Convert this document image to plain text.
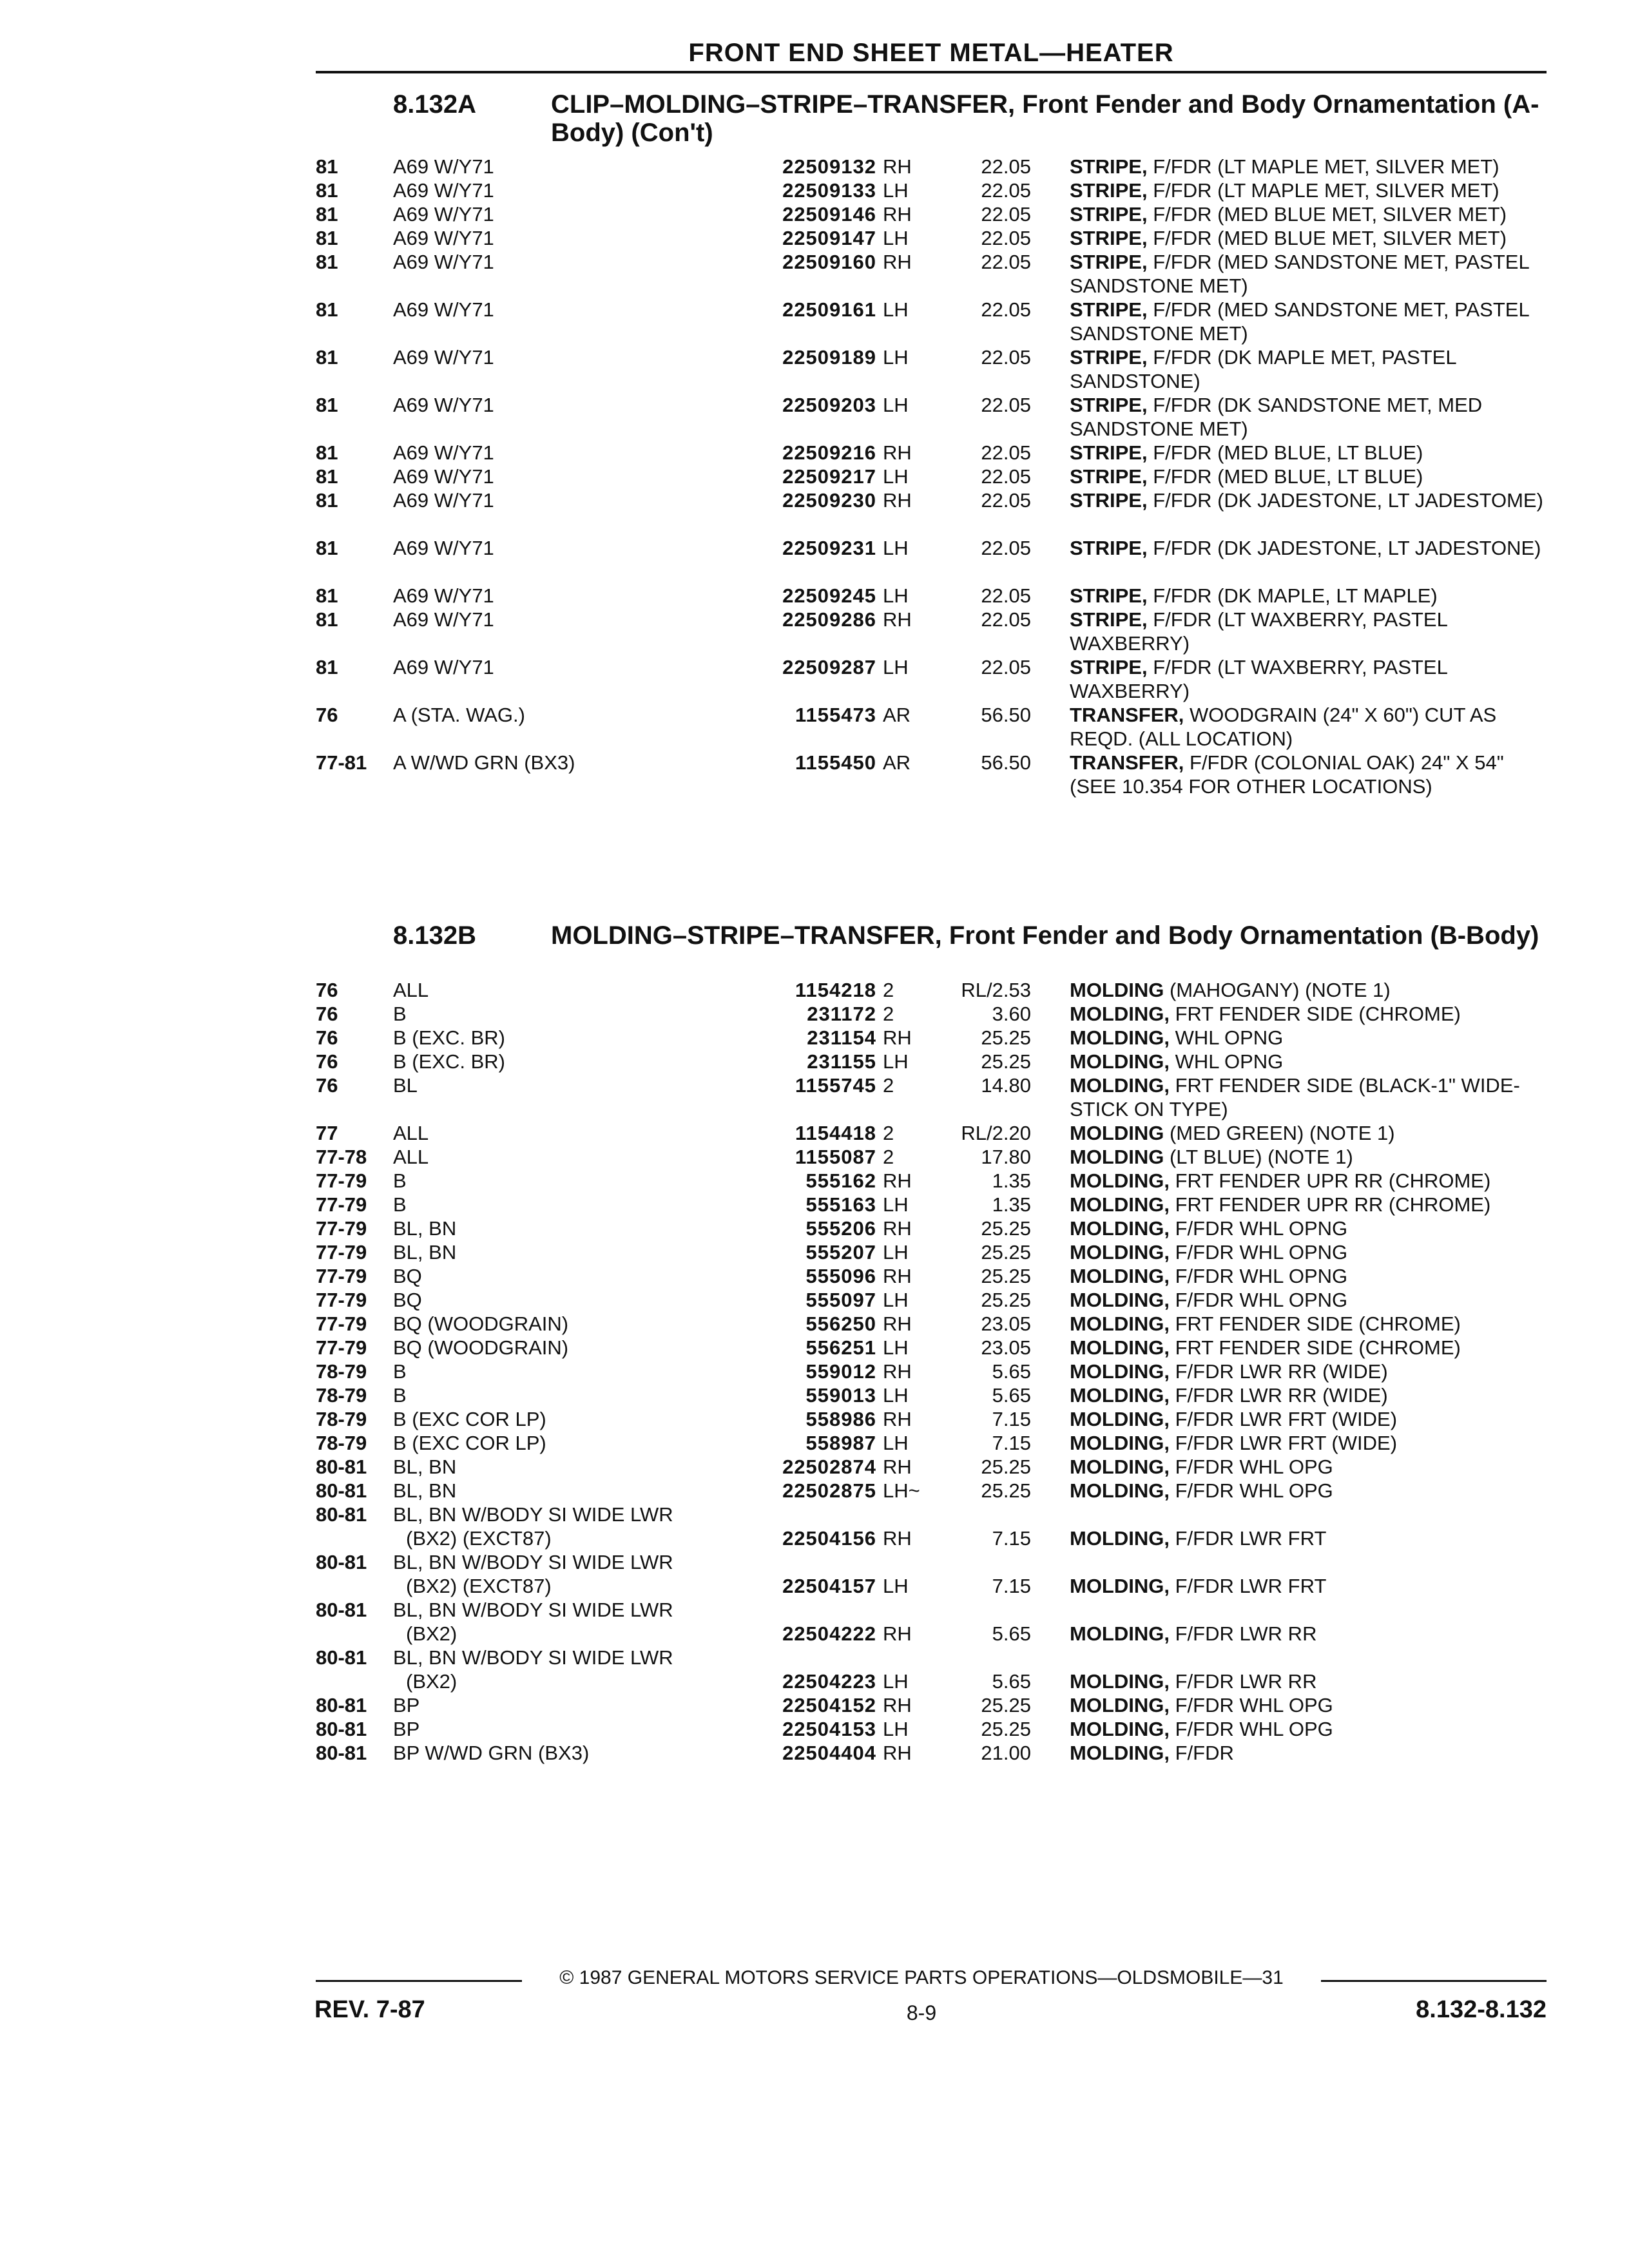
FRONT END SHEET METAL—HEATER
8.132A	CLIP–MOLDING–STRIPE–TRANSFER, Front Fender and Body Ornamentation (A-Body) (Con't)
81	A69 W/Y71	22509132 RH	22.05 STRIPE, F/FDR (LT MAPLE MET, SILVER MET)
81	A69 W/Y71	22509133 LH	22.05 STRIPE, F/FDR (LT MAPLE MET, SILVER MET)
81	A69 W/Y71	22509146 RH	22.05 STRIPE, F/FDR (MED BLUE MET, SILVER MET)
81	A69 W/Y71	22509147 LH	22.05 STRIPE, F/FDR (MED BLUE MET, SILVER MET)
81	A69 W/Y71	22509160 RH	22.05 STRIPE, F/FDR (MED SANDSTONE MET, PASTEL SANDSTONE MET)
81	A69 W/Y71	22509161 LH	22.05 STRIPE, F/FDR (MED SANDSTONE MET, PASTEL SANDSTONE MET)
81	A69 W/Y71	22509189 LH	22.05 STRIPE, F/FDR (DK MAPLE MET, PASTEL SANDSTONE)
81	A69 W/Y71	22509203 LH	22.05 STRIPE, F/FDR (DK SANDSTONE MET, MED SANDSTONE MET)
81	A69 W/Y71	22509216 RH	22.05 STRIPE, F/FDR (MED BLUE, LT BLUE)
81	A69 W/Y71	22509217 LH	22.05 STRIPE, F/FDR (MED BLUE, LT BLUE)
81	A69 W/Y71	22509230 RH	22.05 STRIPE, F/FDR (DK JADESTONE, LT JADESTOME)
81	A69 W/Y71	22509231 LH	22.05 STRIPE, F/FDR (DK JADESTONE, LT JADESTONE)
81	A69 W/Y71	22509245 LH	22.05 STRIPE, F/FDR (DK MAPLE, LT MAPLE)
81	A69 W/Y71	22509286 RH	22.05 STRIPE, F/FDR (LT WAXBERRY, PASTEL WAXBERRY)
81	A69 W/Y71	22509287 LH	22.05 STRIPE, F/FDR (LT WAXBERRY, PASTEL WAXBERRY)
76	A (STA. WAG.)	1155473 AR	56.50 TRANSFER, WOODGRAIN (24" X 60") CUT AS REQD. (ALL LOCATION)
77-81	A W/WD GRN (BX3)	1155450 AR	56.50 TRANSFER, F/FDR (COLONIAL OAK) 24" X 54" (SEE 10.354 FOR OTHER LOCATIONS)
8.132B	MOLDING–STRIPE–TRANSFER, Front Fender and Body Ornamentation (B-Body)
76	ALL	1154218 2	RL/2.53 MOLDING (MAHOGANY) (NOTE 1)
76	B	231172 2	3.60 MOLDING, FRT FENDER SIDE (CHROME)
76	B (EXC. BR)	231154 RH	25.25 MOLDING, WHL OPNG
76	B (EXC. BR)	231155 LH	25.25 MOLDING, WHL OPNG
76	BL	1155745 2	14.80 MOLDING, FRT FENDER SIDE (BLACK-1" WIDE-STICK ON TYPE)
77	ALL	1154418 2	RL/2.20 MOLDING (MED GREEN) (NOTE 1)
77-78	ALL	1155087 2	17.80 MOLDING (LT BLUE) (NOTE 1)
77-79	B	555162 RH	1.35 MOLDING, FRT FENDER UPR RR (CHROME)
77-79	B	555163 LH	1.35 MOLDING, FRT FENDER UPR RR (CHROME)
77-79	BL, BN	555206 RH	25.25 MOLDING, F/FDR WHL OPNG
77-79	BL, BN	555207 LH	25.25 MOLDING, F/FDR WHL OPNG
77-79	BQ	555096 RH	25.25 MOLDING, F/FDR WHL OPNG
77-79	BQ	555097 LH	25.25 MOLDING, F/FDR WHL OPNG
77-79	BQ (WOODGRAIN)	556250 RH	23.05 MOLDING, FRT FENDER SIDE (CHROME)
77-79	BQ (WOODGRAIN)	556251 LH	23.05 MOLDING, FRT FENDER SIDE (CHROME)
78-79	B	559012 RH	5.65 MOLDING, F/FDR LWR RR (WIDE)
78-79	B	559013 LH	5.65 MOLDING, F/FDR LWR RR (WIDE)
78-79	B (EXC COR LP)	558986 RH	7.15 MOLDING, F/FDR LWR FRT (WIDE)
78-79	B (EXC COR LP)	558987 LH	7.15 MOLDING, F/FDR LWR FRT (WIDE)
80-81	BL, BN	22502874 RH	25.25 MOLDING, F/FDR WHL OPG
80-81	BL, BN	22502875 LH~	25.25 MOLDING, F/FDR WHL OPG
80-81	BL, BN W/BODY SI WIDE LWR
(BX2) (EXCT87)	22504156 RH	7.15 MOLDING, F/FDR LWR FRT
80-81	BL, BN W/BODY SI WIDE LWR
(BX2) (EXCT87)	22504157 LH	7.15 MOLDING, F/FDR LWR FRT
80-81	BL, BN W/BODY SI WIDE LWR
(BX2)	22504222 RH	5.65 MOLDING, F/FDR LWR RR
80-81	BL, BN W/BODY SI WIDE LWR
(BX2)	22504223 LH	5.65 MOLDING, F/FDR LWR RR
80-81	BP	22504152 RH	25.25 MOLDING, F/FDR WHL OPG
80-81	BP	22504153 LH	25.25 MOLDING, F/FDR WHL OPG
80-81	BP W/WD GRN (BX3)	22504404 RH	21.00 MOLDING, F/FDR
© 1987 GENERAL MOTORS SERVICE PARTS OPERATIONS—OLDSMOBILE—31
REV. 7-87	8-9	8.132-8.132
